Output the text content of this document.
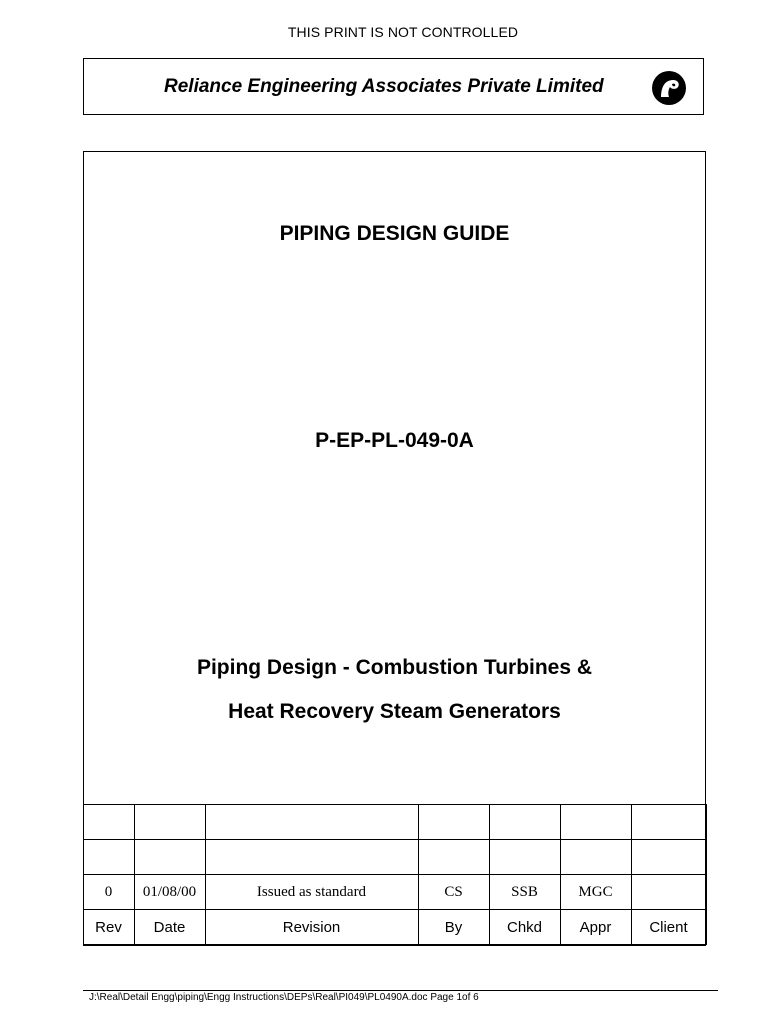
THIS PRINT IS NOT CONTROLLED
Reliance Engineering Associates Private Limited
PIPING DESIGN GUIDE
P-EP-PL-049-0A
Piping Design - Combustion Turbines &
Heat Recovery Steam Generators

0	01/08/00	Issued as standard	CS	SSB	MGC	
Rev	Date	Revision	By	Chkd	Appr	Client
J:\Real\Detail Engg\piping\Engg Instructions\DEPs\Real\PI049\PL0490A.doc Page 1of 6
